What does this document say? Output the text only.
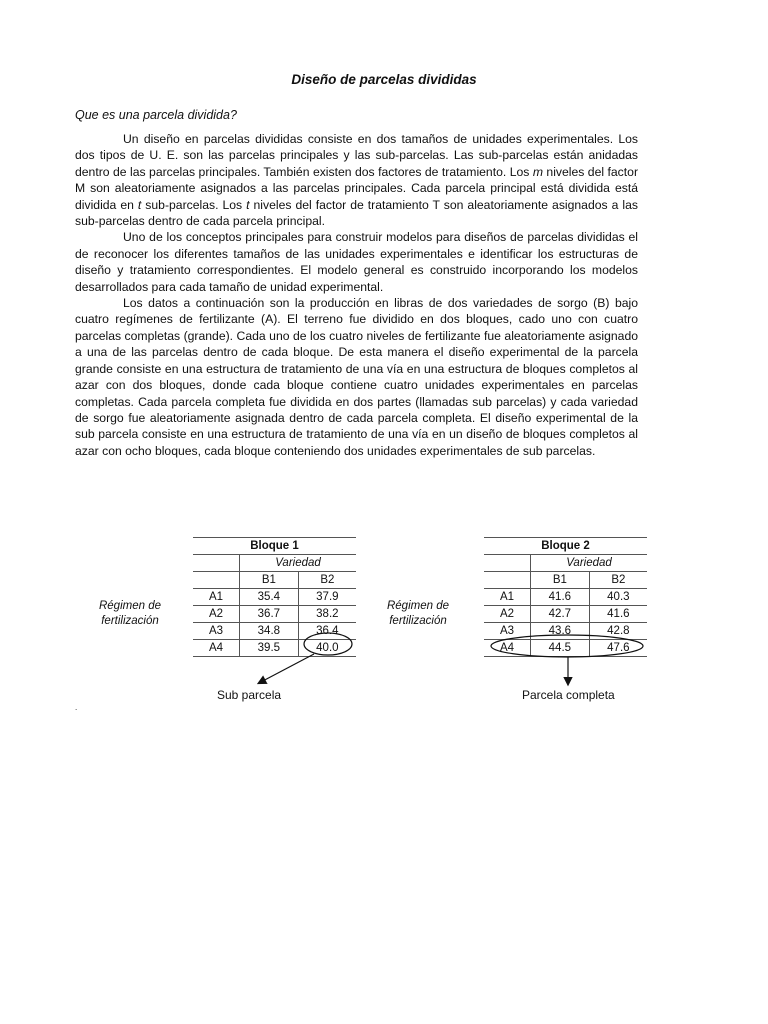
Diseño de parcelas divididas
Que es una parcela dividida?

Un diseño en parcelas divididas consiste en dos tamaños de unidades experimentales. Los dos tipos de U. E. son las parcelas principales y las sub-parcelas. Las sub-parcelas están anidadas dentro de las parcelas principales. También existen dos factores de tratamiento. Los m niveles del factor M son aleatoriamente asignados a las parcelas principales. Cada parcela principal está dividida está dividida en t sub-parcelas. Los t niveles del factor de tratamiento T son aleatoriamente asignados a las sub-parcelas dentro de cada parcela principal.

Uno de los conceptos principales para construir modelos para diseños de parcelas divididas el de reconocer los diferentes tamaños de las unidades experimentales e identificar los estructuras de diseño y tratamiento correspondientes. El modelo general es construido incorporando los modelos desarrollados para cada tamaño de unidad experimental.

Los datos a continuación son la producción en libras de dos variedades de sorgo (B) bajo cuatro regímenes de fertilizante (A). El terreno fue dividido en dos bloques, cado uno con cuatro parcelas completas (grande). Cada uno de los cuatro niveles de fertilizante fue aleatoriamente asignado a una de las parcelas dentro de cada bloque. De esta manera el diseño experimental de la parcela grande consiste en una estructura de tratamiento de una vía en una estructura de bloques completos al azar con dos bloques, donde cada bloque contiene cuatro unidades experimentales en parcelas completas. Cada parcela completa fue dividida en dos partes (llamadas sub parcelas) y cada variedad de sorgo fue aleatoriamente asignada dentro de cada parcela completa. El diseño experimental de la sub parcela consiste en una estructura de tratamiento de una vía en un diseño de bloques completos al azar con ocho bloques, cada bloque conteniendo dos unidades experimentales de sub parcelas.

Régimen de
fertilización
Bloque 1		
	Variedad	
	B1	B2
A1	35.4	37.9
A2	36.7	38.2
A3	34.8	36.4
A4	39.5	40.0
Régimen de
fertilización
Bloque 2		
	Variedad	
	B1	B2
A1	41.6	40.3
A2	42.7	41.6
A3	43.6	42.8
A4	44.5	47.6
Sub parcela	Parcela completa
.
